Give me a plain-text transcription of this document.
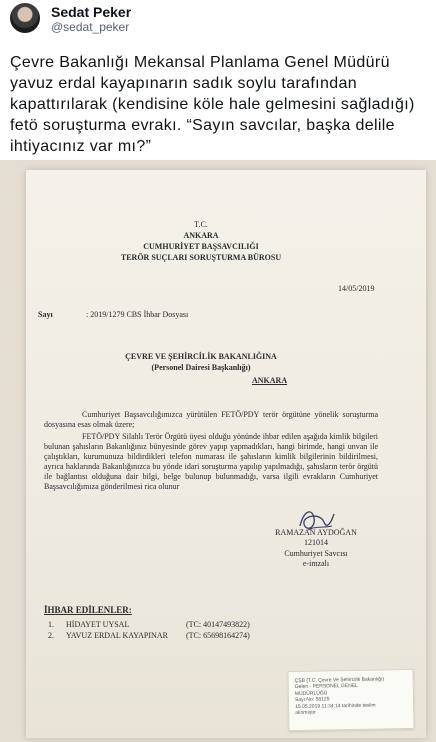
Sedat Peker
@sedat_peker
Çevre Bakanlığı Mekansal Planlama Genel Müdürü
yavuz erdal kayapınarın sadık soylu tarafından
kapattırılarak (kendisine köle hale gelmesini sağladığı)
fetö soruşturma evrakı. “Sayın savcılar, başka delile
ihtiyacınız var mı?”
T.C.
ANKARA
CUMHURİYET BAŞSAVCILIĞI
TERÖR SUÇLARI SORUŞTURMA BÜROSU
14/05/2019
Sayı	: 2019/1279 CBS İhbar Dosyası
ÇEVRE VE ŞEHİRCİLİK BAKANLIĞINA
(Personel Dairesi Başkanlığı)
ANKARA
Cumhuriyet Başsavcılığımızca yürütülen FETÖ/PDY terör örgütüne yönelik soruşturma dosyasına esas olmak üzere;
FETÖ/PDY Silahlı Terör Örgütü üyesi olduğu yönünde ihbar edilen aşağıda kimlik bilgileri bulunan şahısların Bakanlığınız bünyesinde görev yapıp yapmadıkları, hangi birimde, hangi unvan ile çalıştıkları, kurumunuza bildirdikleri telefon numarası ile şahısların kimlik bilgilerinin bildirilmesi, ayrıca haklarında Bakanlığınızca bu yönde idari soruşturma yapılıp yapılmadığı, şahısların terör örgütü ile bağlantısı olduğuna dair bilgi, belge bulunup bulunmadığı, varsa ilgili evrakların Cumhuriyet Başsavcılığımıza gönderilmesi rica olunur
RAMAZAN AYDOĞAN
121014
Cumhuriyet Savcısı
e-imzalı
İHBAR EDİLENLER:
1. HİDAYET UYSAL	(TC: 40147493822)
2. YAVUZ ERDAL KAYAPINAR (TC: 65698164274)
ÇŞB (T.C. Çevre Ve Şehircilik Bakanlığı)
Gelen - PERSONEL GENEL
MÜDÜRLÜĞÜ
Sayı No: 58125
15.05.2019 11:34:14 tarihinde teslim
alınmıştır
